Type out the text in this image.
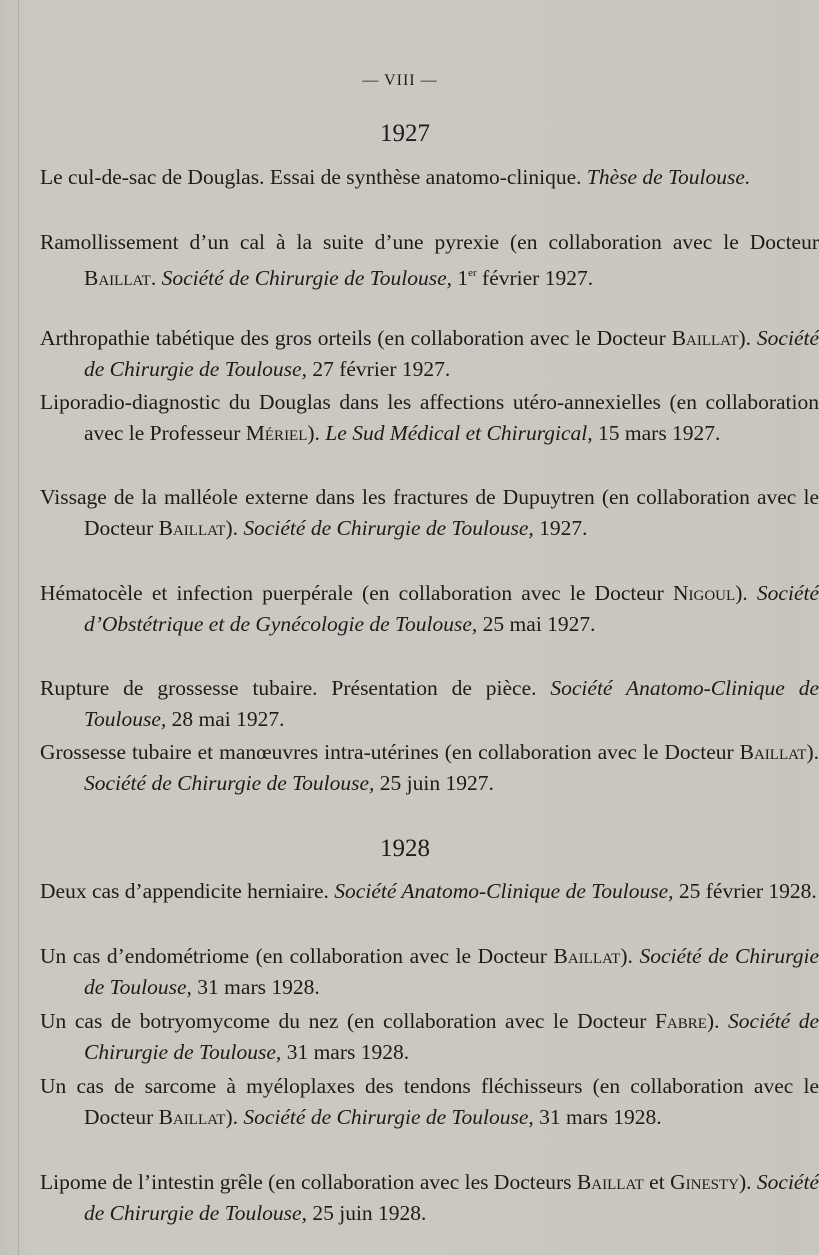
— VIII —
1927
Le cul-de-sac de Douglas. Essai de synthèse anatomo-clinique. Thèse de Toulouse.
Ramollissement d’un cal à la suite d’une pyrexie (en collaboration avec le Docteur Baillat. Société de Chirurgie de Toulouse, 1er février 1927.
Arthropathie tabétique des gros orteils (en collaboration avec le Docteur Baillat). Société de Chirurgie de Toulouse, 27 février 1927.
Liporadio-diagnostic du Douglas dans les affections utéro-annexielles (en collaboration avec le Professeur Mériel). Le Sud Médical et Chirurgical, 15 mars 1927.
Vissage de la malléole externe dans les fractures de Dupuytren (en collaboration avec le Docteur Baillat). Société de Chirurgie de Toulouse, 1927.
Hématocèle et infection puerpérale (en collaboration avec le Docteur Nigoul). Société d’Obstétrique et de Gynécologie de Toulouse, 25 mai 1927.
Rupture de grossesse tubaire. Présentation de pièce. Société Anatomo-Clinique de Toulouse, 28 mai 1927.
Grossesse tubaire et manœuvres intra-utérines (en collaboration avec le Docteur Baillat). Société de Chirurgie de Toulouse, 25 juin 1927.
1928
Deux cas d’appendicite herniaire. Société Anatomo-Clinique de Toulouse, 25 février 1928.
Un cas d’endométriome (en collaboration avec le Docteur Baillat). Société de Chirurgie de Toulouse, 31 mars 1928.
Un cas de botryomycome du nez (en collaboration avec le Docteur Fabre). Société de Chirurgie de Toulouse, 31 mars 1928.
Un cas de sarcome à myéloplaxes des tendons fléchisseurs (en collaboration avec le Docteur Baillat). Société de Chirurgie de Toulouse, 31 mars 1928.
Lipome de l’intestin grêle (en collaboration avec les Docteurs Baillat et Ginesty). Société de Chirurgie de Toulouse, 25 juin 1928.
